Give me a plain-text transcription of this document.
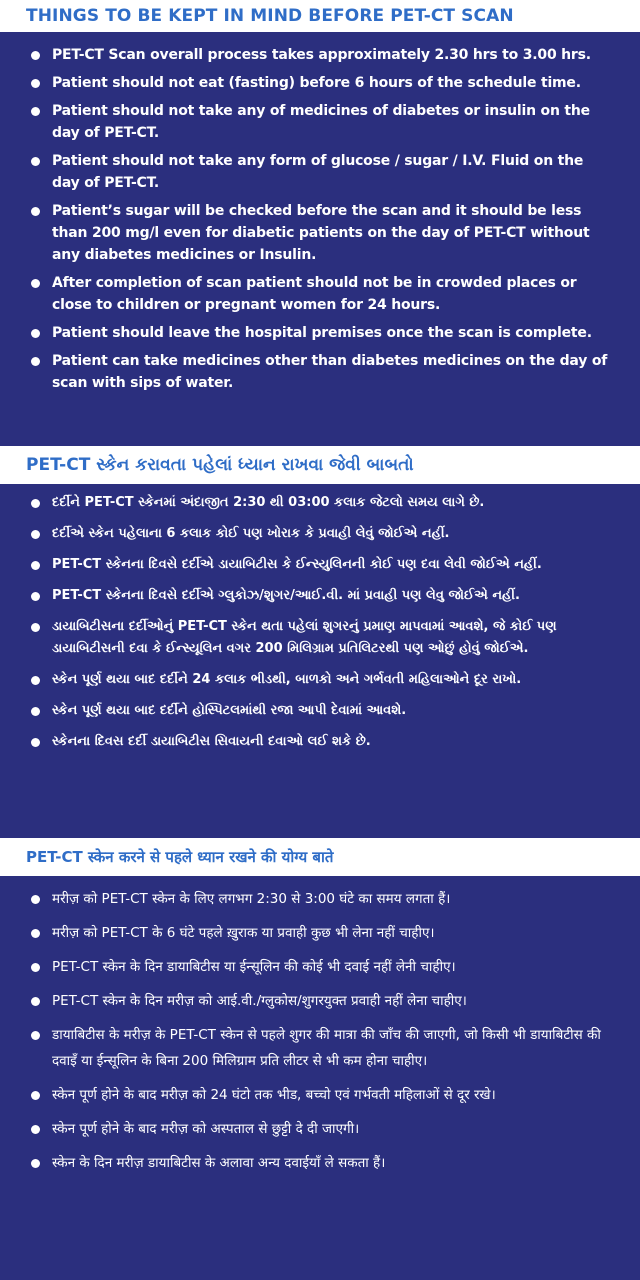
THINGS TO BE KEPT IN MIND BEFORE PET-CT SCAN
PET-CT Scan overall process takes approximately 2.30 hrs to 3.00 hrs.
Patient should not eat (fasting) before 6 hours of the schedule time.
Patient should not take any of medicines of diabetes or insulin on the day of PET-CT.
Patient should not take any form of glucose / sugar / I.V. Fluid on the day of PET-CT.
Patient’s sugar will be checked before the scan and it should be less than 200 mg/l even for diabetic patients on the day of PET-CT without any diabetes medicines or Insulin.
After completion of scan patient should not be in crowded places or close to children or pregnant women for 24 hours.
Patient should leave the hospital premises once the scan is complete.
Patient can take medicines other than diabetes medicines on the day of scan with sips of water.
PET-CT સ્કેન કરાવતા પહેલાં ધ્યાન રાખવા જેવી બાબતો
દર્દીને PET-CT સ્કેનમાં અંદાજીત 2:30 થી 03:00 કલાક જેટલો સમય લાગે છે.
દર્દીએ સ્કેન પહેલાના 6 કલાક કોઈ પણ ખોરાક કે પ્રવાહી લેવું જોઈએ નહીં.
PET-CT સ્કેનના દિવસે દર્દીએ ડાયાબિટીસ કે ઈન્સ્યુલિનની કોઈ પણ દવા લેવી જોઈએ નહીં.
PET-CT સ્કેનના દિવસે દર્દીએ ગ્લુકોઝ/શુગર/આઈ.વી. માં પ્રવાહી પણ લેવુ જોઈએ નહીં.
ડાયાબિટીસના દર્દીઓનું PET-CT સ્કેન થતા પહેલાં શુગરનું પ્રમાણ માપવામાં આવશે, જે કોઈ પણ ડાયાબિટીસની દવા કે ઈન્સ્યૂલિન વગર 200 મિલિગ્રામ પ્રતિલિટરથી પણ ઓછું હોવું જોઈએ.
સ્કેન પૂર્ણ થયા બાદ દર્દીને 24 કલાક ભીડથી, બાળકો અને ગર્ભવતી મહિલાઓને દૂર રાખો.
સ્કેન પૂર્ણ થયા બાદ દર્દીને હોસ્પિટલમાંથી રજા આપી દેવામાં આવશે.
સ્કેનના દિવસ દર્દી ડાયાબિટીસ સિવાયની દવાઓ લઈ શકે છે.
PET-CT स्केन करने से पहले ध्यान रखने की योग्य बाते
मरीज़ को PET-CT स्केन के लिए लगभग 2:30 से 3:00 घंटे का समय लगता हैं।
मरीज़ को PET-CT के 6 घंटे पहले ख़ुराक या प्रवाही कुछ भी लेना नहीं चाहीए।
PET-CT स्केन के दिन डायाबिटीस या ईन्सूलिन की कोई भी दवाई नहीं लेनी चाहीए।
PET-CT स्केन के दिन मरीज़ को आई.वी./ग्लुकोस/शुगरयुक्त प्रवाही नहीं लेना चाहीए।
डायाबिटीस के मरीज़ के PET-CT स्केन से पहले शुगर की मात्रा की जाँच की जाएगी, जो किसी भी डायाबिटीस की दवाइँ या ईन्सूलिन के बिना 200 मिलिग्राम प्रति लीटर से भी कम होना चाहीए।
स्केन पूर्ण होने के बाद मरीज़ को 24 घंटो तक भीड, बच्चो एवं गर्भवती महिलाओं से दूर रखे।
स्केन पूर्ण होने के बाद मरीज़ को अस्पताल से छुट्टी दे दी जाएगी।
स्केन के दिन मरीज़ डायाबिटीस के अलावा अन्य दवाईयाँ ले सकता हैं।
